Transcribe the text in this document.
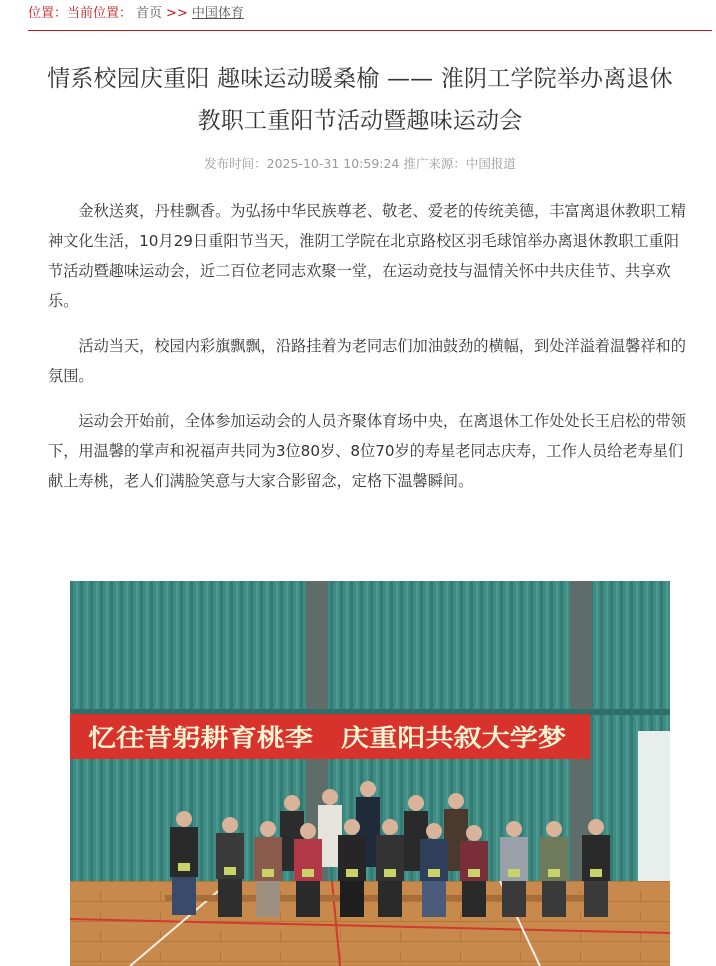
位置：当前位置： 首页 >> 中国体育
情系校园庆重阳 趣味运动暖桑榆 —— 淮阴工学院举办离退休教职工重阳节活动暨趣味运动会
发布时间：2025-10-31 10:59:24 推广来源：中国报道

金秋送爽，丹桂飘香。为弘扬中华民族尊老、敬老、爱老的传统美德，丰富离退休教职工精神文化生活，10月29日重阳节当天，淮阴工学院在北京路校区羽毛球馆举办离退休教职工重阳节活动暨趣味运动会，近二百位老同志欢聚一堂，在运动竞技与温情关怀中共庆佳节、共享欢乐。

活动当天，校园内彩旗飘飘，沿路挂着为老同志们加油鼓劲的横幅，到处洋溢着温馨祥和的氛围。

运动会开始前，全体参加运动会的人员齐聚体育场中央，在离退休工作处处长王启松的带领下，用温馨的掌声和祝福声共同为3位80岁、8位70岁的寿星老同志庆寿，工作人员给老寿星们献上寿桃，老人们满脸笑意与大家合影留念，定格下温馨瞬间。

忆往昔躬耕育桃李　庆重阳共叙大学梦
